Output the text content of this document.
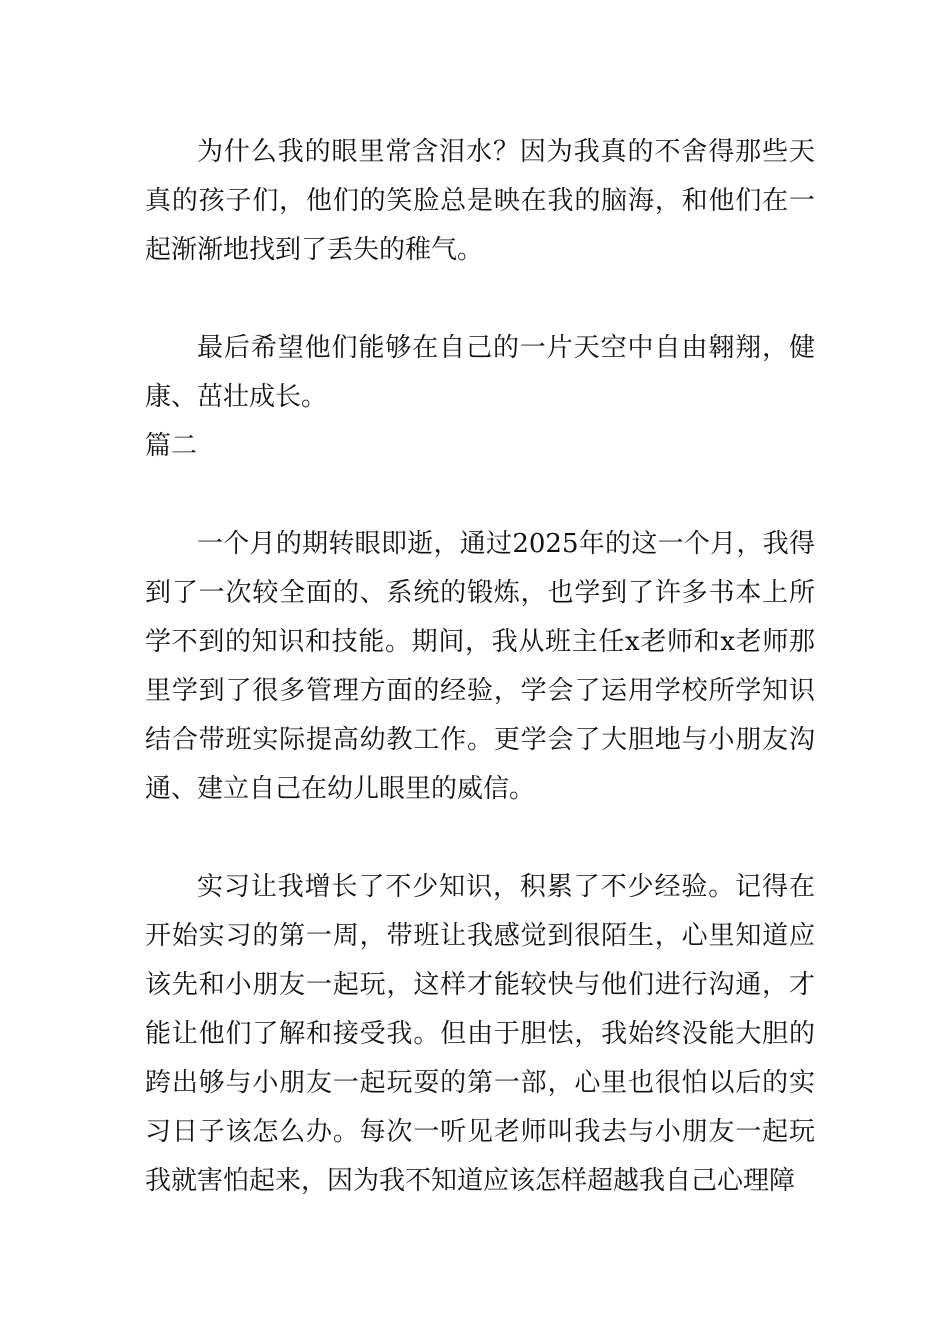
为什么我的眼里常含泪水？因为我真的不舍得那些天真的孩子们，他们的笑脸总是映在我的脑海，和他们在一起渐渐地找到了丢失的稚气。

最后希望他们能够在自己的一片天空中自由翱翔，健康、茁壮成长。

篇二

一个月的期转眼即逝，通过2025年的这一个月，我得到了一次较全面的、系统的锻炼，也学到了许多书本上所学不到的知识和技能。期间，我从班主任x老师和x老师那里学到了很多管理方面的经验，学会了运用学校所学知识结合带班实际提高幼教工作。更学会了大胆地与小朋友沟通、建立自己在幼儿眼里的威信。

实习让我增长了不少知识，积累了不少经验。记得在开始实习的第一周，带班让我感觉到很陌生，心里知道应该先和小朋友一起玩，这样才能较快与他们进行沟通，才能让他们了解和接受我。但由于胆怯，我始终没能大胆的跨出够与小朋友一起玩耍的第一部，心里也很怕以后的实习日子该怎么办。每次一听见老师叫我去与小朋友一起玩我就害怕起来，因为我不知道应该怎样超越我自己心理障
